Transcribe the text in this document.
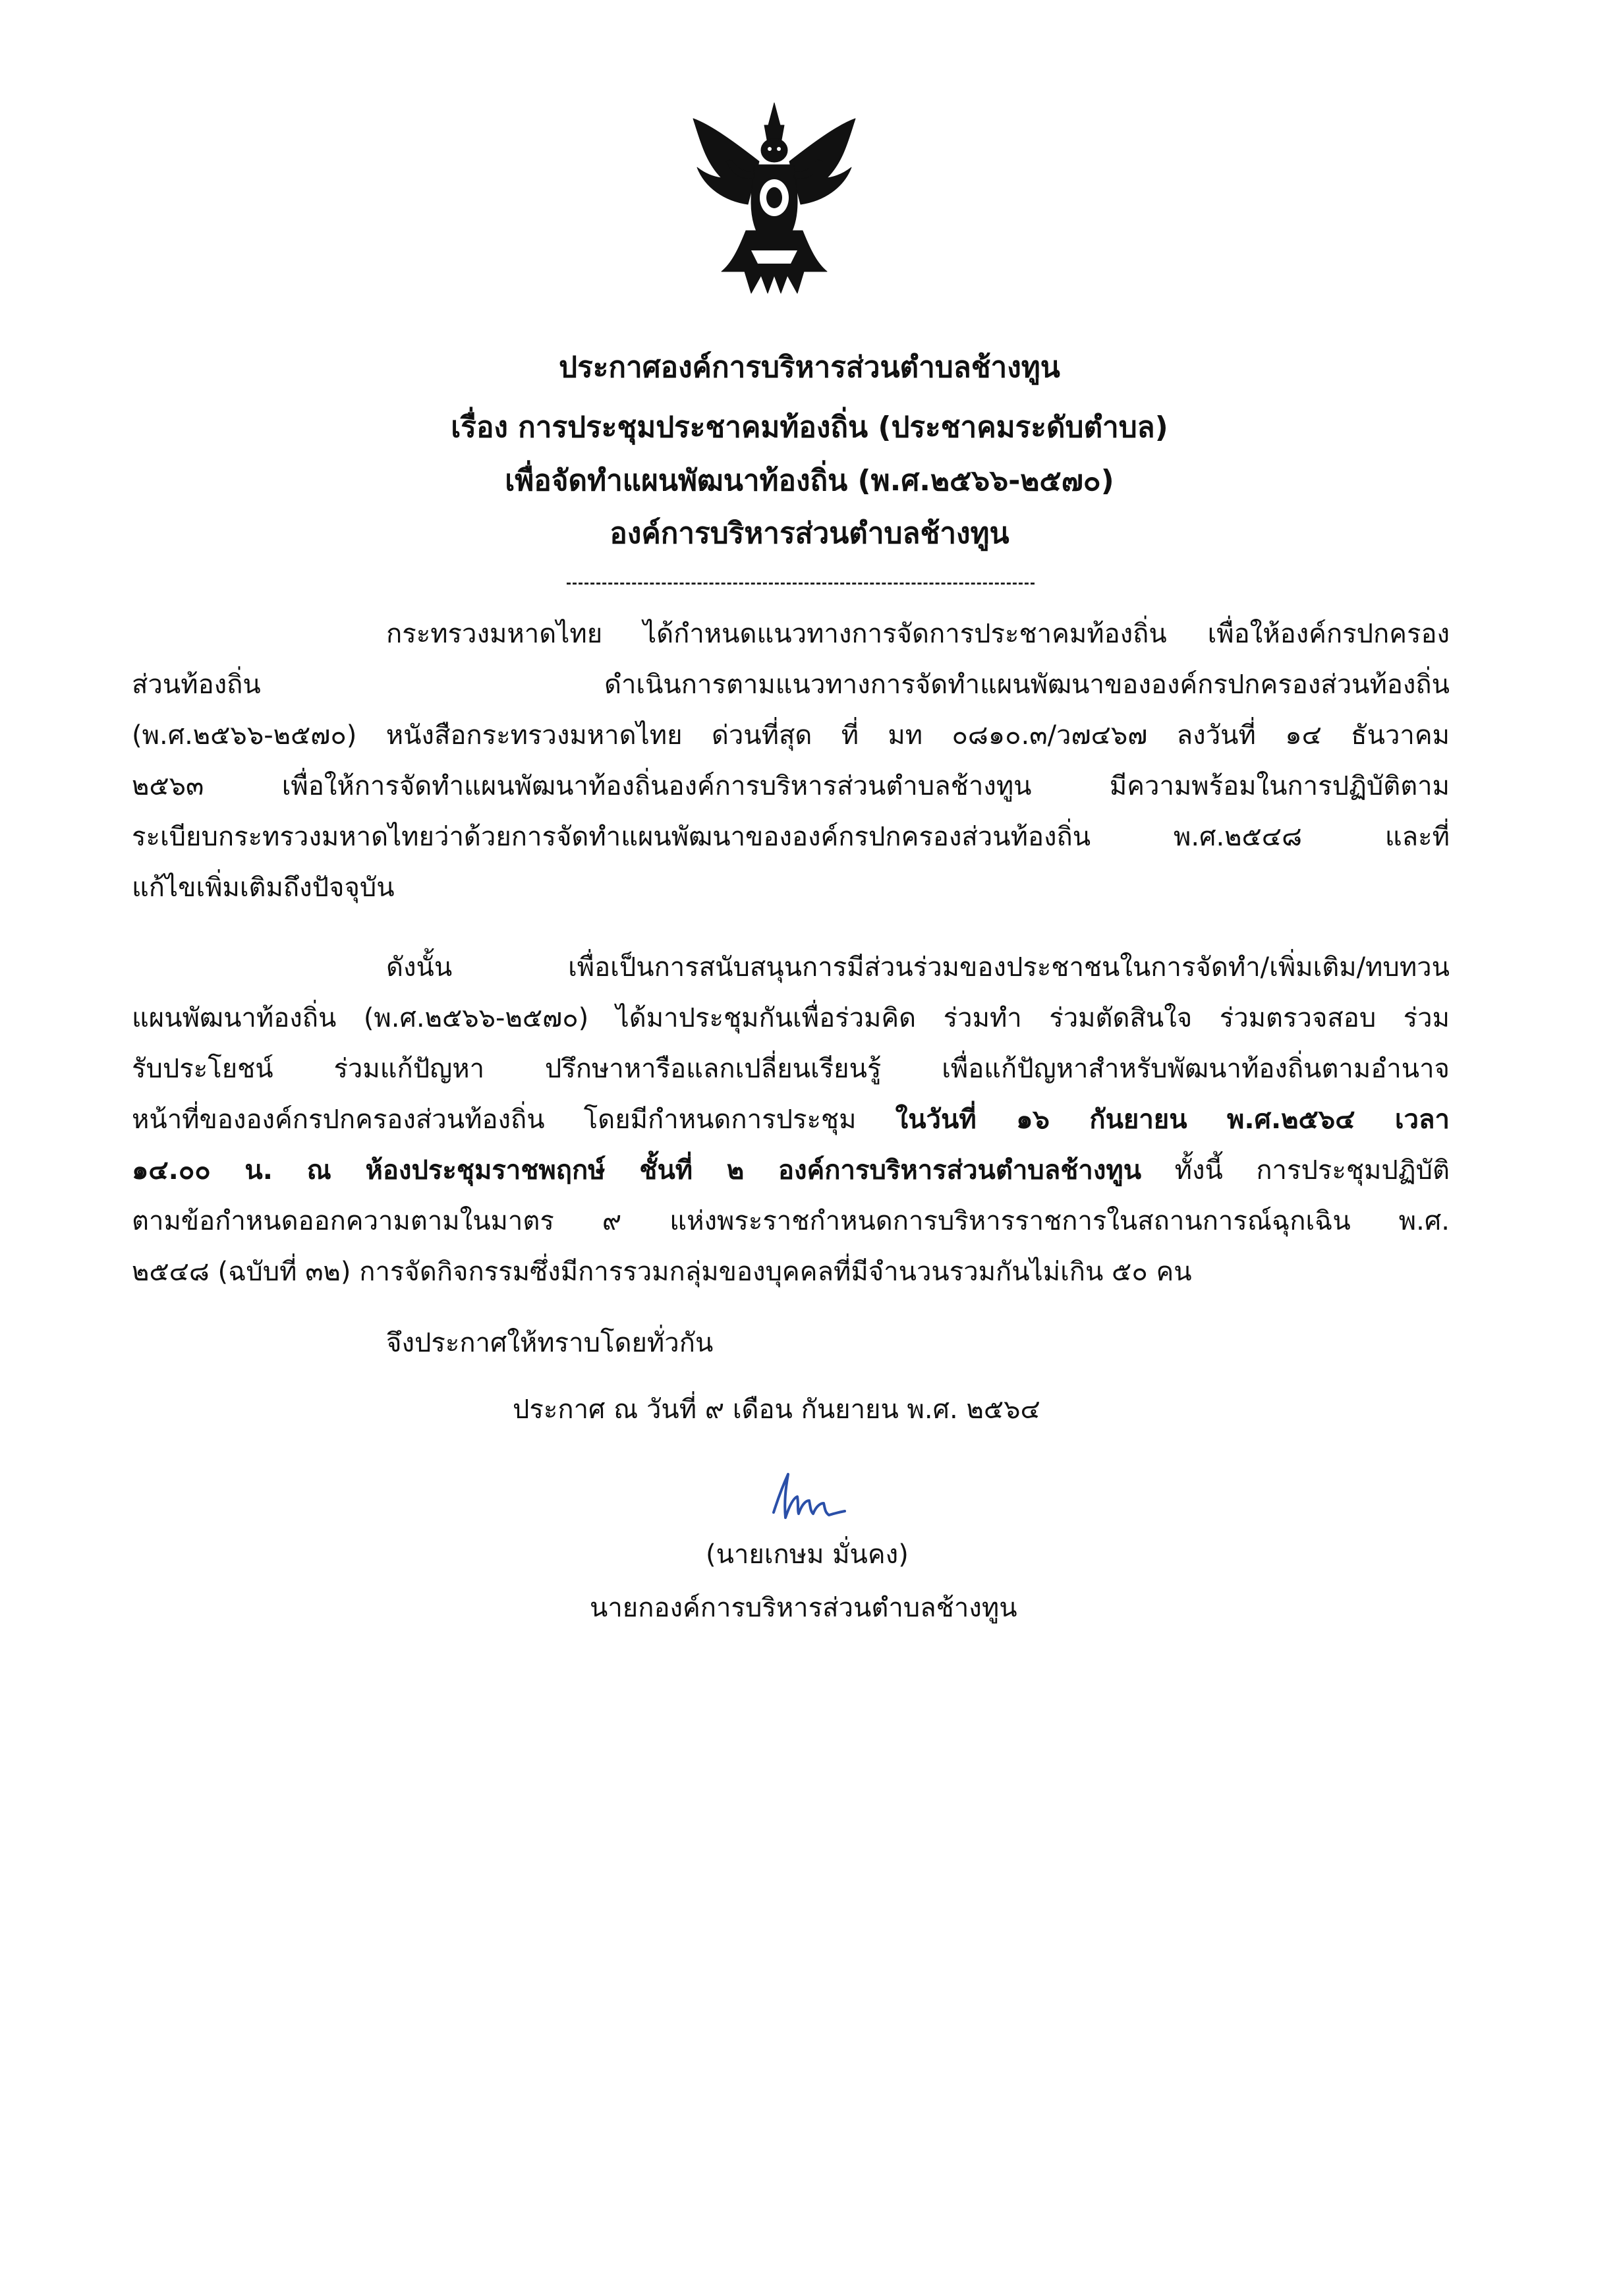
ประกาศองค์การบริหารส่วนตำบลช้างทูน
เรื่อง การประชุมประชาคมท้องถิ่น (ประชาคมระดับตำบล)
เพื่อจัดทำแผนพัฒนาท้องถิ่น (พ.ศ.๒๕๖๖-๒๕๗๐)
องค์การบริหารส่วนตำบลช้างทูน
กระทรวงมหาดไทย ได้กำหนดแนวทางการจัดการประชาคมท้องถิ่น เพื่อให้องค์กรปกครอง
ส่วนท้องถิ่น ดำเนินการตามแนวทางการจัดทำแผนพัฒนาขององค์กรปกครองส่วนท้องถิ่น
(พ.ศ.๒๕๖๖-๒๕๗๐) หนังสือกระทรวงมหาดไทย ด่วนที่สุด ที่ มท ๐๘๑๐.๓/ว๗๔๖๗ ลงวันที่ ๑๔ ธันวาคม
๒๕๖๓ เพื่อให้การจัดทำแผนพัฒนาท้องถิ่นองค์การบริหารส่วนตำบลช้างทูน มีความพร้อมในการปฏิบัติตาม
ระเบียบกระทรวงมหาดไทยว่าด้วยการจัดทำแผนพัฒนาขององค์กรปกครองส่วนท้องถิ่น พ.ศ.๒๕๔๘ และที่
แก้ไขเพิ่มเติมถึงปัจจุบัน
ดังนั้น เพื่อเป็นการสนับสนุนการมีส่วนร่วมของประชาชนในการจัดทำ/เพิ่มเติม/ทบทวน
แผนพัฒนาท้องถิ่น (พ.ศ.๒๕๖๖-๒๕๗๐) ได้มาประชุมกันเพื่อร่วมคิด ร่วมทำ ร่วมตัดสินใจ ร่วมตรวจสอบ ร่วม
รับประโยชน์ ร่วมแก้ปัญหา ปรึกษาหารือแลกเปลี่ยนเรียนรู้ เพื่อแก้ปัญหาสำหรับพัฒนาท้องถิ่นตามอำนาจ
หน้าที่ขององค์กรปกครองส่วนท้องถิ่น โดยมีกำหนดการประชุม ในวันที่ ๑๖ กันยายน พ.ศ.๒๕๖๔ เวลา
๑๔.๐๐ น. ณ ห้องประชุมราชพฤกษ์ ชั้นที่ ๒ องค์การบริหารส่วนตำบลช้างทูน ทั้งนี้ การประชุมปฏิบัติ
ตามข้อกำหนดออกความตามในมาตร ๙ แห่งพระราชกำหนดการบริหารราชการในสถานการณ์ฉุกเฉิน พ.ศ.
๒๕๔๘ (ฉบับที่ ๓๒) การจัดกิจกรรมซึ่งมีการรวมกลุ่มของบุคคลที่มีจำนวนรวมกันไม่เกิน ๕๐ คน
จึงประกาศให้ทราบโดยทั่วกัน
ประกาศ ณ วันที่ ๙ เดือน กันยายน พ.ศ. ๒๕๖๔
(นายเกษม มั่นคง)
นายกองค์การบริหารส่วนตำบลช้างทูน
